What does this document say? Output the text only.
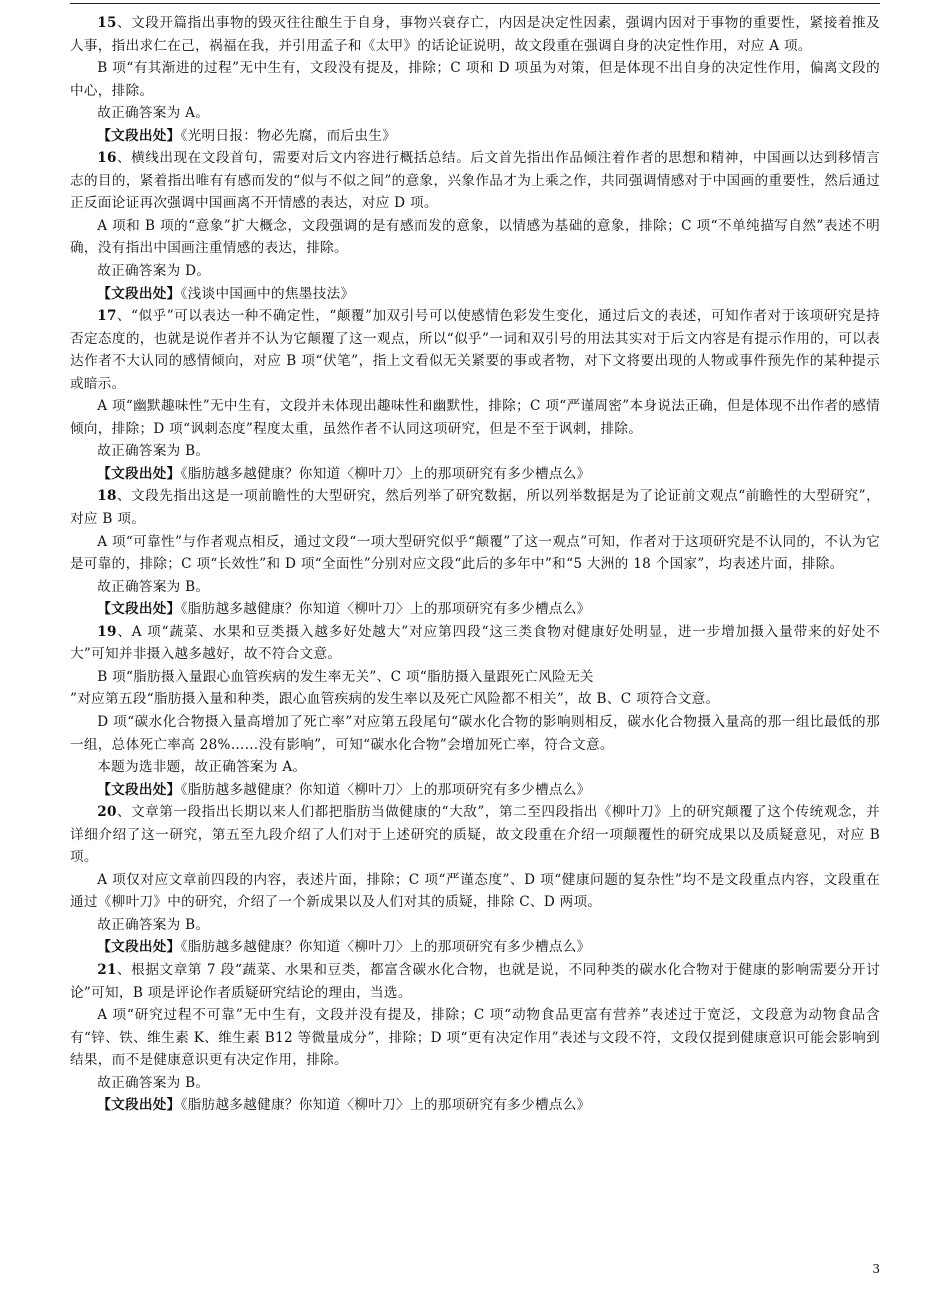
15、文段开篇指出事物的毁灭往往酿生于自身，事物兴衰存亡，内因是决定性因素，强调内因对于事物的重要性，紧接着推及人事，指出求仁在己，祸福在我，并引用孟子和《太甲》的话论证说明，故文段重在强调自身的决定性作用，对应 A 项。

B 项“有其渐进的过程”无中生有，文段没有提及，排除；C 项和 D 项虽为对策，但是体现不出自身的决定性作用，偏离文段的中心，排除。

故正确答案为 A。

【文段出处】《光明日报：物必先腐，而后虫生》

16、横线出现在文段首句，需要对后文内容进行概括总结。后文首先指出作品倾注着作者的思想和精神，中国画以达到移情言志的目的，紧着指出唯有有感而发的“似与不似之间”的意象，兴象作品才为上乘之作，共同强调情感对于中国画的重要性，然后通过正反面论证再次强调中国画离不开情感的表达，对应 D 项。

A 项和 B 项的“意象”扩大概念，文段强调的是有感而发的意象，以情感为基础的意象，排除；C 项“不单纯描写自然”表述不明确，没有指出中国画注重情感的表达，排除。

故正确答案为 D。

【文段出处】《浅谈中国画中的焦墨技法》

17、“似乎”可以表达一种不确定性，“颠覆”加双引号可以使感情色彩发生变化，通过后文的表述，可知作者对于该项研究是持否定态度的，也就是说作者并不认为它颠覆了这一观点，所以“似乎”一词和双引号的用法其实对于后文内容是有提示作用的，可以表达作者不大认同的感情倾向，对应 B 项“伏笔”，指上文看似无关紧要的事或者物，对下文将要出现的人物或事件预先作的某种提示或暗示。

A 项“幽默趣味性”无中生有，文段并未体现出趣味性和幽默性，排除；C 项“严谨周密”本身说法正确，但是体现不出作者的感情倾向，排除；D 项“讽刺态度”程度太重，虽然作者不认同这项研究，但是不至于讽刺，排除。

故正确答案为 B。

【文段出处】《脂肪越多越健康？你知道〈柳叶刀〉上的那项研究有多少槽点么》

18、文段先指出这是一项前瞻性的大型研究，然后列举了研究数据，所以列举数据是为了论证前文观点“前瞻性的大型研究”，对应 B 项。

A 项“可靠性”与作者观点相反，通过文段“一项大型研究似乎“颠覆”了这一观点”可知，作者对于这项研究是不认同的，不认为它是可靠的，排除；C 项“长效性”和 D 项“全面性”分别对应文段“此后的多年中”和“5 大洲的 18 个国家”，均表述片面，排除。

故正确答案为 B。

【文段出处】《脂肪越多越健康？你知道〈柳叶刀〉上的那项研究有多少槽点么》

19、A 项“蔬菜、水果和豆类摄入越多好处越大”对应第四段“这三类食物对健康好处明显，进一步增加摄入量带来的好处不大”可知并非摄入越多越好，故不符合文意。

B 项“脂肪摄入量跟心血管疾病的发生率无关”、C 项“脂肪摄入量跟死亡风险无关

”对应第五段“脂肪摄入量和种类，跟心血管疾病的发生率以及死亡风险都不相关”，故 B、C 项符合文意。

D 项“碳水化合物摄入量高增加了死亡率”对应第五段尾句“碳水化合物的影响则相反，碳水化合物摄入量高的那一组比最低的那一组，总体死亡率高 28%……没有影响”，可知“碳水化合物”会增加死亡率，符合文意。

本题为选非题，故正确答案为 A。

【文段出处】《脂肪越多越健康？你知道〈柳叶刀〉上的那项研究有多少槽点么》

20、文章第一段指出长期以来人们都把脂肪当做健康的“大敌”，第二至四段指出《柳叶刀》上的研究颠覆了这个传统观念，并详细介绍了这一研究，第五至九段介绍了人们对于上述研究的质疑，故文段重在介绍一项颠覆性的研究成果以及质疑意见，对应 B 项。

A 项仅对应文章前四段的内容，表述片面，排除；C 项“严谨态度”、D 项“健康问题的复杂性”均不是文段重点内容，文段重在通过《柳叶刀》中的研究，介绍了一个新成果以及人们对其的质疑，排除 C、D 两项。

故正确答案为 B。

【文段出处】《脂肪越多越健康？你知道〈柳叶刀〉上的那项研究有多少槽点么》

21、根据文章第 7 段“蔬菜、水果和豆类，都富含碳水化合物，也就是说，不同种类的碳水化合物对于健康的影响需要分开讨论”可知，B 项是评论作者质疑研究结论的理由，当选。

A 项“研究过程不可靠”无中生有，文段并没有提及，排除；C 项“动物食品更富有营养”表述过于宽泛，文段意为动物食品含有“锌、铁、维生素 K、维生素 B12 等微量成分”，排除；D 项“更有决定作用”表述与文段不符，文段仅提到健康意识可能会影响到结果，而不是健康意识更有决定作用，排除。

故正确答案为 B。

【文段出处】《脂肪越多越健康？你知道〈柳叶刀〉上的那项研究有多少槽点么》

3
